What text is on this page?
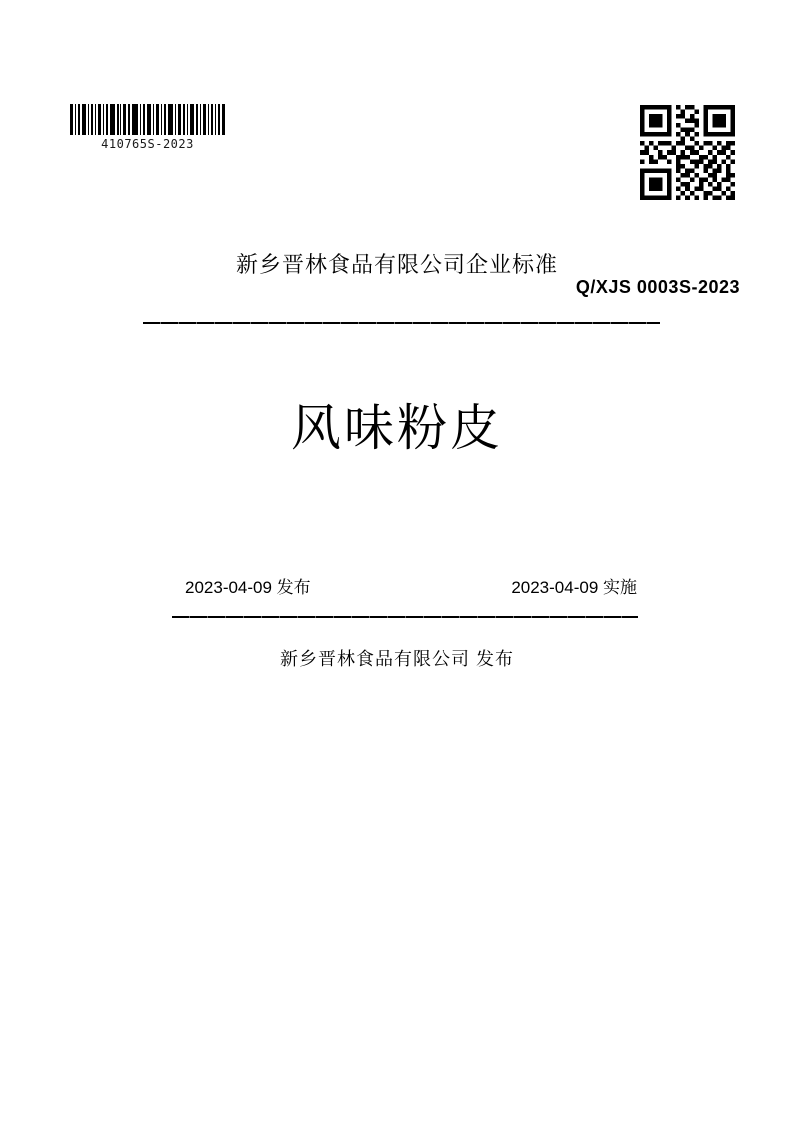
410765S-2023
新乡晋林食品有限公司企业标准
Q/XJS 0003S-2023
风味粉皮
2023-04-09 发布	2023-04-09 实施
新乡晋林食品有限公司 发布
